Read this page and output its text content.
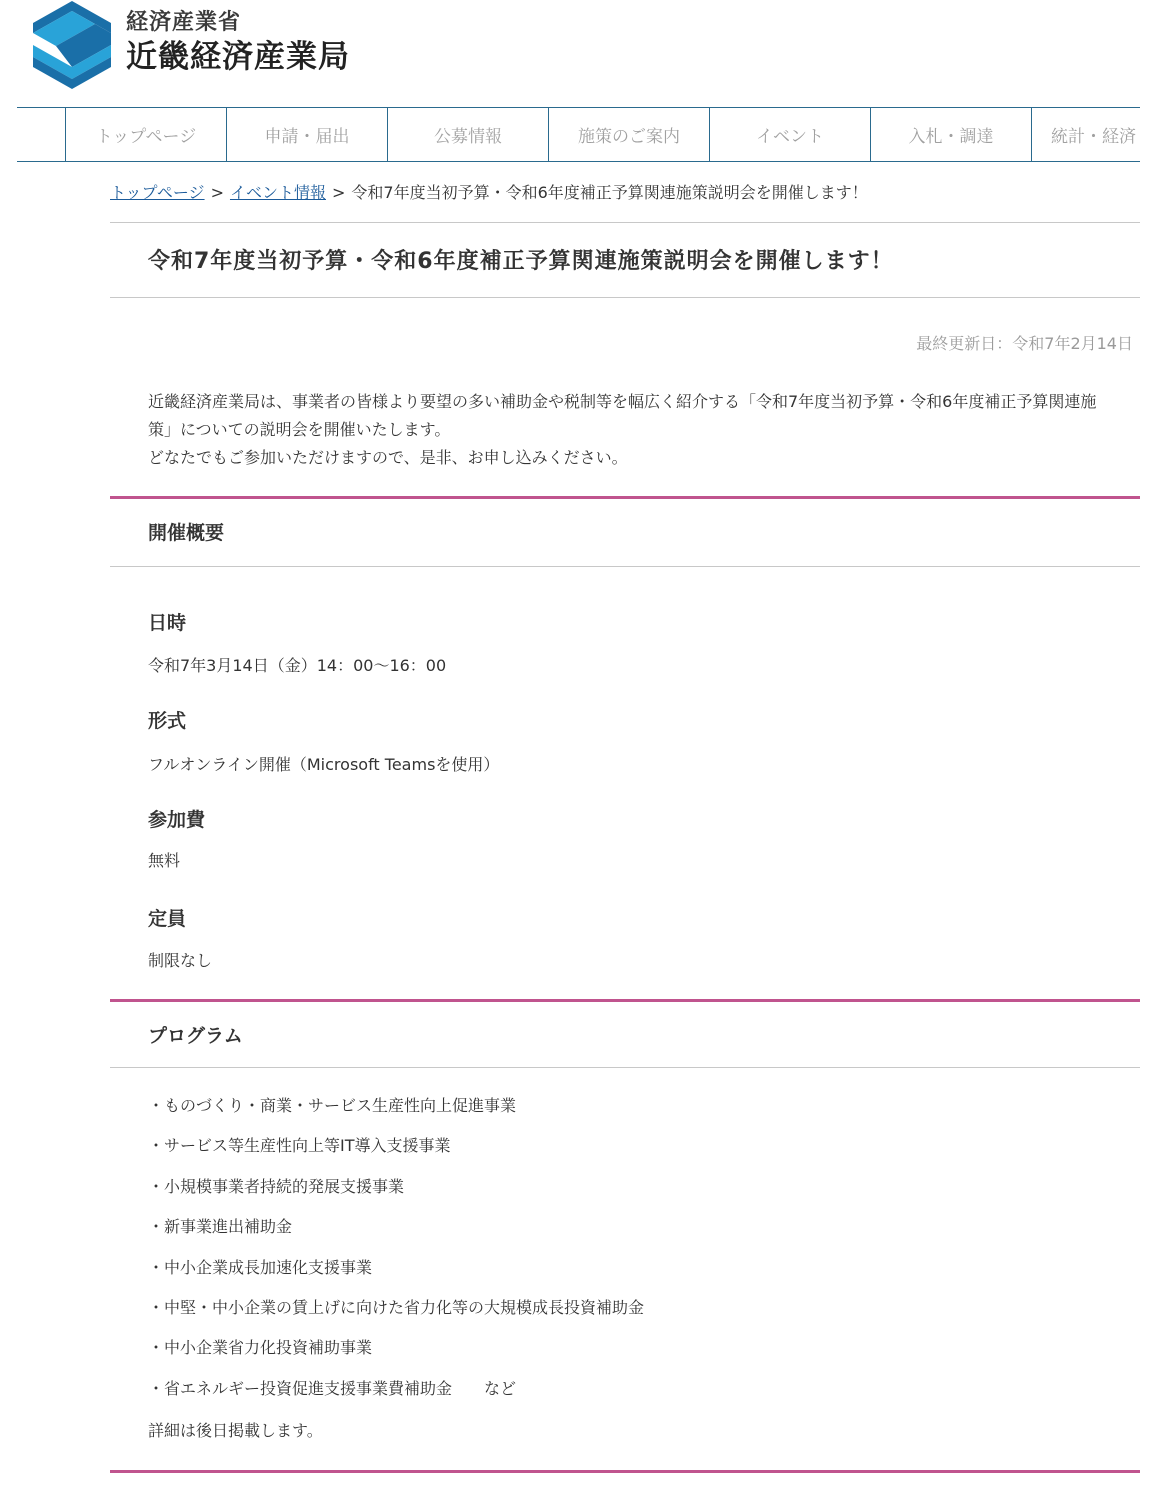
経済産業省
近畿経済産業局
トップページ	申請・届出	公募情報	施策のご案内	イベント	入札・調達	統計・経済
トップページ > イベント情報 > 令和7年度当初予算・令和6年度補正予算関連施策説明会を開催します！
令和7年度当初予算・令和6年度補正予算関連施策説明会を開催します！
最終更新日：令和7年2月14日

近畿経済産業局は、事業者の皆様より要望の多い補助金や税制等を幅広く紹介する「令和7年度当初予算・令和6年度補正予算関連施策」についての説明会を開催いたします。

どなたでもご参加いただけますので、是非、お申し込みください。

開催概要
日時
令和7年3月14日（金）14：00～16：00
形式
フルオンライン開催（Microsoft Teamsを使用）
参加費
無料
定員
制限なし
プログラム
・ものづくり・商業・サービス生産性向上促進事業
・サービス等生産性向上等IT導入支援事業
・小規模事業者持続的発展支援事業
・新事業進出補助金
・中小企業成長加速化支援事業
・中堅・中小企業の賃上げに向けた省力化等の大規模成長投資補助金
・中小企業省力化投資補助事業
・省エネルギー投資促進支援事業費補助金　　など
詳細は後日掲載します。
